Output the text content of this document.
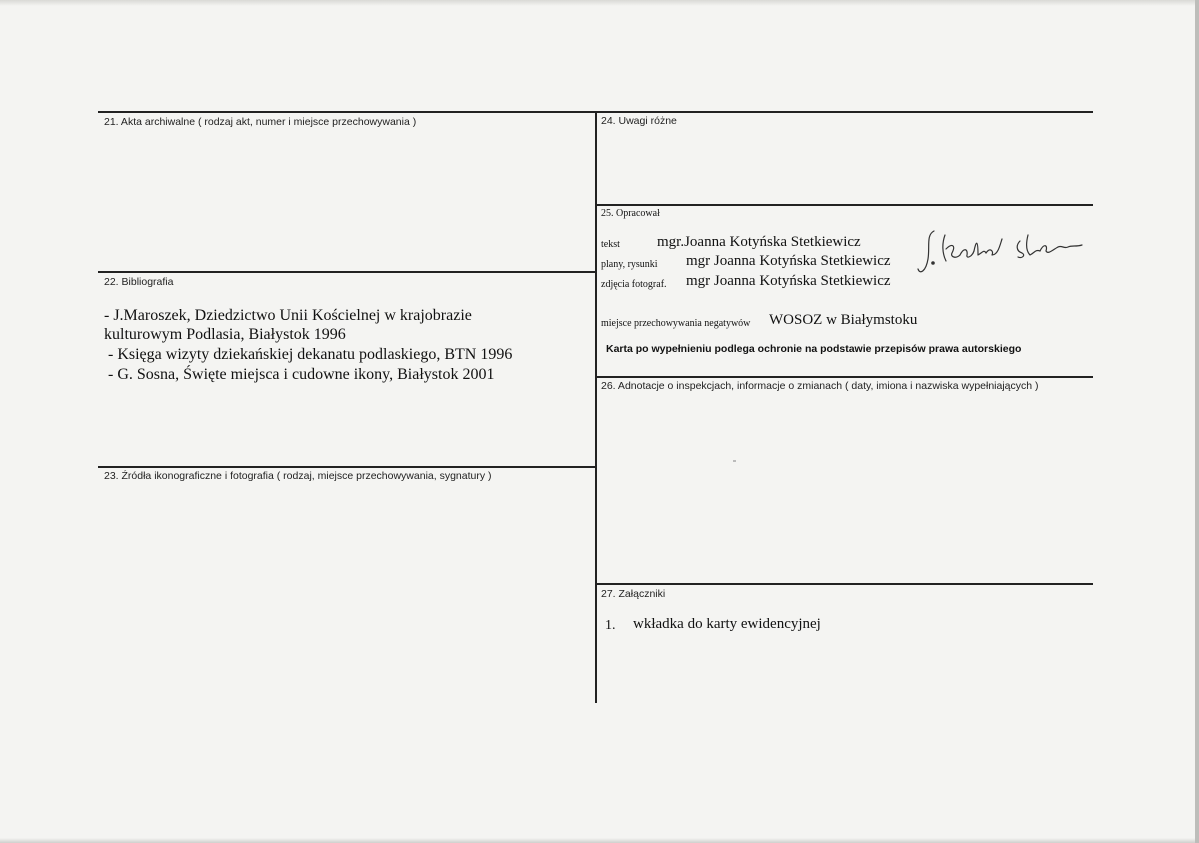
21. Akta archiwalne ( rodzaj akt, numer i miejsce przechowywania )
22. Bibliografia
- J.Maroszek, Dziedzictwo Unii Kościelnej w krajobrazie
kulturowym Podlasia, Białystok 1996
- Księga wizyty dziekańskiej dekanatu podlaskiego, BTN 1996
- G. Sosna, Święte miejsca i cudowne ikony, Białystok 2001
23. Źródła ikonograficzne i fotografia ( rodzaj, miejsce przechowywania, sygnatury )
24. Uwagi różne
25. Opracował
tekst mgr.Joanna Kotyńska Stetkiewicz
plany, rysunki mgr Joanna Kotyńska Stetkiewicz
zdjęcia fotograf. mgr Joanna Kotyńska Stetkiewicz
miejsce przechowywania negatywów WOSOZ w Białymstoku
Karta po wypełnieniu podlega ochronie na podstawie przepisów prawa autorskiego
26. Adnotacje o inspekcjach, informacje o zmianach ( daty, imiona i nazwiska wypełniających )
27. Załączniki
1. wkładka do karty ewidencyjnej
